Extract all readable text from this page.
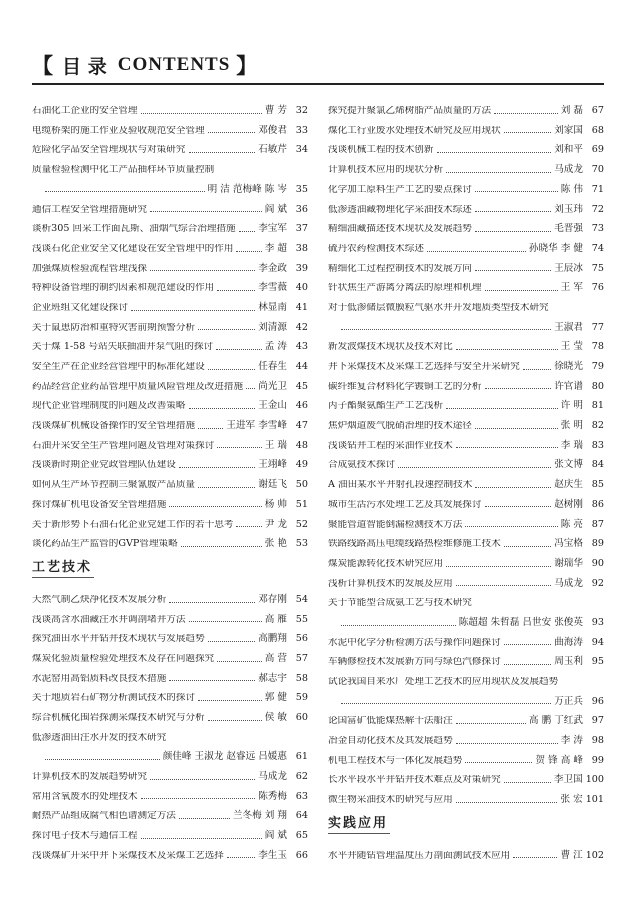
【 目 录 CONTENTS 】
石油化工企业的安全管理	曹 芳 32
电缆桥架的施工作业及验收规范安全管理	邓俊君 33
危险化学品安全管理现状与对策研究	石敏芹 34
质量检验检测中化工产品抽样环节质量控制
明 洁 范梅峰 陈 岑 35
通信工程安全管理措施研究	阎 斌 36
谈析305 回采工作面瓦斯、油烟气综合治理措施 李宝军 37
浅谈石化企业安全文化建设在安全管理中的作用	李 超 38
加强煤质检验流程管理浅探	李金政 39
特种设备管理的制约因素和规范建设的作用	李雪薇 40
企业班组文化建设探讨	林显南 41
关于鼠患防治和重特灾害前期预警分析	刘清源 42
关于煤 1-58 号站失联抽油井泵气阻的探讨	孟 涛 43
安全生产在企业经营管理中的标准化建设	任春生 44
药品经营企业药品管理中质量风险管理及改进措施 尚光卫 45
现代企业管理制度的问题及改善策略	王金山 46
浅谈煤矿机械设备操作的安全管理措施	王进军 李雪峰 47
石油开采安全生产管理问题及管理对策探讨	王 瑞 48
浅谈新时期企业党政管理队伍建设	王翊峰 49
如何从生产环节控制三聚氰胺产品质量	谢廷飞 50
探讨煤矿机电设备安全管理措施	杨 帅 51
关于新形势下石油石化企业党建工作的若干思考	尹 龙 52
谈化药品生产监管的GVP管理策略	张 艳 53
工艺技术
天然气制乙炔净化技术发展分析	邓存刚 54
浅谈高含水油藏注水井调剖堵井方法	高 雁 55
探究油田水平井钻井技术现状与发展趋势	高鹏翔 56
煤炭化验质量检验处理技术及存在问题探究	高 营 57
水泥窑用高铝质料改良技术措施	郝志宇 58
关于地质岩石矿物分析测试技术的探讨	郭 健 59
综合机械化围岩探测采煤技术研究与分析	侯 敏 60
低渗透油田注水开发的技术研究
颜佳峰 王淑龙 赵睿远 吕媛惠 61
计算机技术的发展趋势研究	马成龙 62
常用含氧废水的处理技术	陈秀梅 63
耐热产品组成腐气相色谱测定方法	兰冬梅 刘 翔 64
探讨电子技术与通信工程	阎 斌 65
浅谈煤矿开采中井下采煤技术及采煤工艺选择	李生玉 66
探究提升聚氯乙烯树脂产品质量的方法	刘 磊 67
煤化工行业废水处理技术研究及应用现状	刘家国 68
浅谈机械工程的技术创新	刘和平 69
计算机技术应用的现状分析	马成龙 70
化学加工原料生产工艺的要点探讨	陈 伟 71
低渗透油藏物理化学采油技术综述	刘玉玮 72
精细油藏描述技术现状及发展趋势	毛晋强 73
硫丹农药检测技术综述	孙晓华 李 健 74
精细化工过程控制技术的发展方向	王辰冰 75
针状焦生产游离分离法的原理和机理	王 军 76
对于低渗储层微膜粒气驱水井开发地质类型技术研究
王淑君 77
新发波煤技术现状及技术对比	王 莹 78
井下采煤技术及采煤工艺选择与安全开采研究	徐晓光 79
碳纤维复合材料化学镀铜工艺的分析	许官谱 80
丙子酯聚氨酯生产工艺浅析	许 明 81
焦炉烟道废气脱硝治理的技术途径	张 明 82
浅谈钻井工程的采油作业技术	李 瑞 83
合成氨技术探讨	张文博 84
A 油田某水平井射孔段速控制技术	赵庆生 85
城市生活污水处理工艺及其发展探讨	赵树刚 86
聚能管道智能倒漏检测技术方法	陈 亮 87
铁路线路高压电缆线路热检维修施工技术	冯宝格 89
煤炭能源转化技术研究应用	谢瑞华 90
浅析计算机技术的发展及应用	马成龙 92
关于节能型合成氨工艺与技术研究
陈超超 朱哲磊 吕世安 张俊英 93
水泥中化学分析检测方法与操作问题探讨	曲海涛 94
车辆修检技术发展新方向与绿色汽修探讨	周玉利 95
试论我国自来水厂处理工艺技术的应用现状及发展趋势
万正兵 96
论国富矿低能煤热解干法船注	高 鹏 丁红武 97
冶金自动化技术及其发展趋势	李 涛 98
机电工程技术与一体化发展趋势	贺 锋 高 峰 99
长水平段水平井钻井技术难点及对策研究	李卫国 100
微生物采油技术的研究与应用	张 宏 101
实践应用
水平井随钻管理温度压力剖面测试技术应用	曹 江 102
